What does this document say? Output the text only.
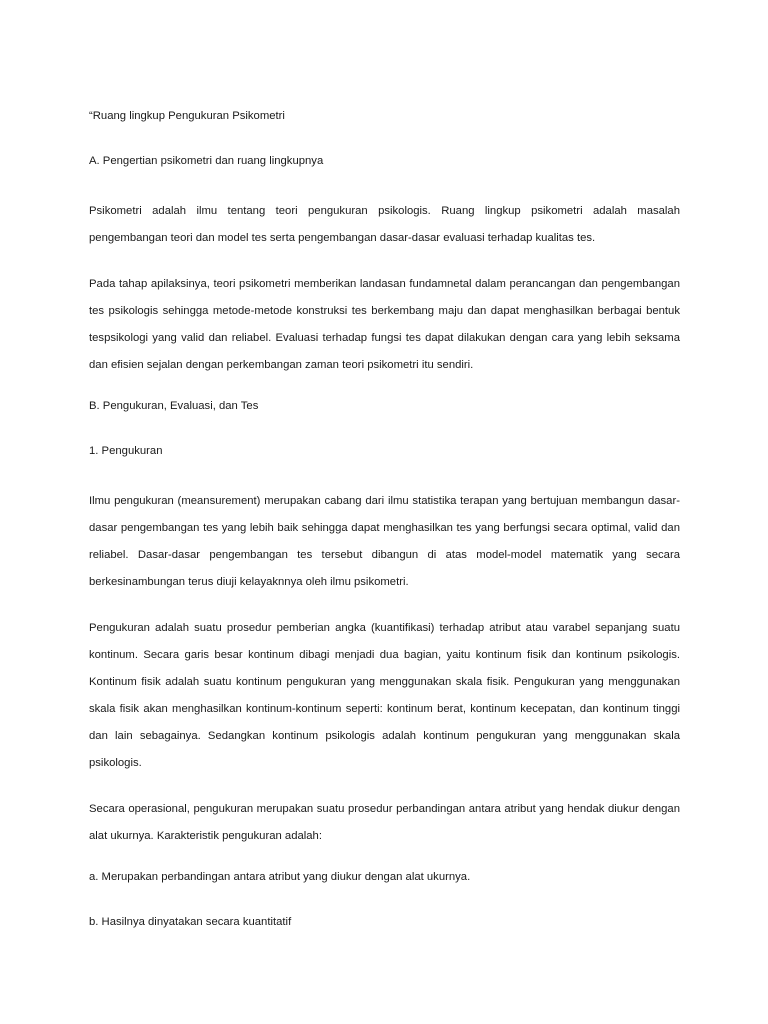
“Ruang lingkup Pengukuran Psikometri

A. Pengertian psikometri dan ruang lingkupnya

Psikometri adalah ilmu tentang teori pengukuran psikologis. Ruang lingkup psikometri adalah masalah
pengembangan teori dan model tes serta pengembangan dasar-dasar evaluasi terhadap kualitas tes.
Pada tahap apilaksinya, teori psikometri memberikan landasan fundamnetal dalam perancangan dan pengembangan
tes psikologis sehingga metode-metode konstruksi tes berkembang maju dan dapat menghasilkan berbagai bentuk
tespsikologi yang valid dan reliabel. Evaluasi terhadap fungsi tes dapat dilakukan dengan cara yang lebih seksama
dan efisien sejalan dengan perkembangan zaman teori psikometri itu sendiri.

B. Pengukuran, Evaluasi, dan Tes

1. Pengukuran

Ilmu pengukuran (meansurement) merupakan cabang dari ilmu statistika terapan yang bertujuan membangun dasar-
dasar pengembangan tes yang lebih baik sehingga dapat menghasilkan tes yang berfungsi secara optimal, valid dan
reliabel. Dasar-dasar pengembangan tes tersebut dibangun di atas model-model matematik yang secara
berkesinambungan terus diuji kelayaknnya oleh ilmu psikometri.
Pengukuran adalah suatu prosedur pemberian angka (kuantifikasi) terhadap atribut atau varabel sepanjang suatu
kontinum. Secara garis besar kontinum dibagi menjadi dua bagian, yaitu kontinum fisik dan kontinum psikologis.
Kontinum fisik adalah suatu kontinum pengukuran yang menggunakan skala fisik. Pengukuran yang menggunakan
skala fisik akan menghasilkan kontinum-kontinum seperti: kontinum berat, kontinum kecepatan, dan kontinum tinggi
dan lain sebagainya. Sedangkan kontinum psikologis adalah kontinum pengukuran yang menggunakan skala
psikologis.
Secara operasional, pengukuran merupakan suatu prosedur perbandingan antara atribut yang hendak diukur dengan
alat ukurnya. Karakteristik pengukuran adalah:

a. Merupakan perbandingan antara atribut yang diukur dengan alat ukurnya.

b. Hasilnya dinyatakan secara kuantitatif
